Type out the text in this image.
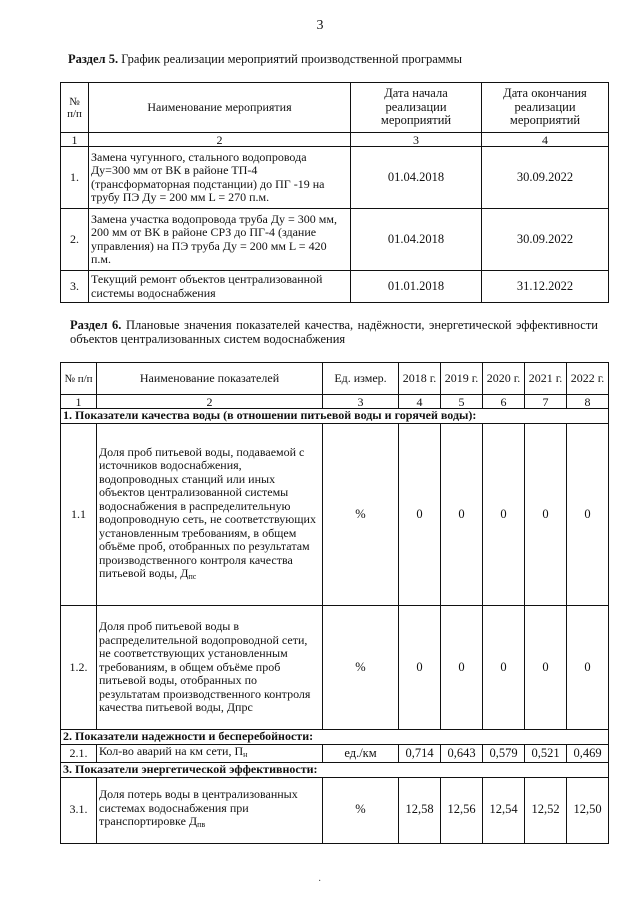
3
Раздел 5. График реализации мероприятий производственной программы
№ п/п	Наименование мероприятия	Дата начала реализации мероприятий	Дата окончания реализации мероприятий
1	2	3	4
1.	Замена чугунного, стального водопровода Ду=300 мм от ВК в районе ТП-4 (трансформаторная подстанции) до ПГ -19 на трубу ПЭ Ду = 200 мм L = 270 п.м.	01.04.2018	30.09.2022
2.	Замена участка водопровода труба Ду = 300 мм, 200 мм от ВК в районе СРЗ до ПГ-4 (здание управления) на ПЭ труба Ду = 200 мм L = 420 п.м.	01.04.2018	30.09.2022
3.	Текущий ремонт объектов централизованной системы водоснабжения	01.01.2018	31.12.2022
Раздел 6. Плановые значения показателей качества, надёжности, энергетической эффективности объектов централизованных систем водоснабжения
№ п/п	Наименование показателей	Ед. измер.	2018 г.	2019 г.	2020 г.	2021 г.	2022 г.
1	2	3	4	5	6	7	8
1. Показатели качества воды (в отношении питьевой воды и горячей воды):							
1.1	Доля проб питьевой воды, подаваемой с источников водоснабжения, водопроводных станций или иных объектов централизованной системы водоснабжения в распределительную водопроводную сеть, не соответствующих установленным требованиям, в общем объёме проб, отобранных по результатам производственного контроля качества питьевой воды, $Д_{пс}$	%	0	0	0	0	0
1.2.	Доля проб питьевой воды в распределительной водопроводной сети, не соответствующих установленным требованиям, в общем объёме проб питьевой воды, отобранных по результатам производственного контроля качества питьевой воды, Дпрс	%	0	0	0	0	0
2. Показатели надежности и бесперебойности:							
2.1.	Кол-во аварий на км сети, $П_н$	ед./км	0,714	0,643	0,579	0,521	0,469
3. Показатели энергетической эффективности:							
3.1.	Доля потерь воды в централизованных системах водоснабжения при транспортировке $Д_{пв}$	%	12,58	12,56	12,54	12,52	12,50
·
